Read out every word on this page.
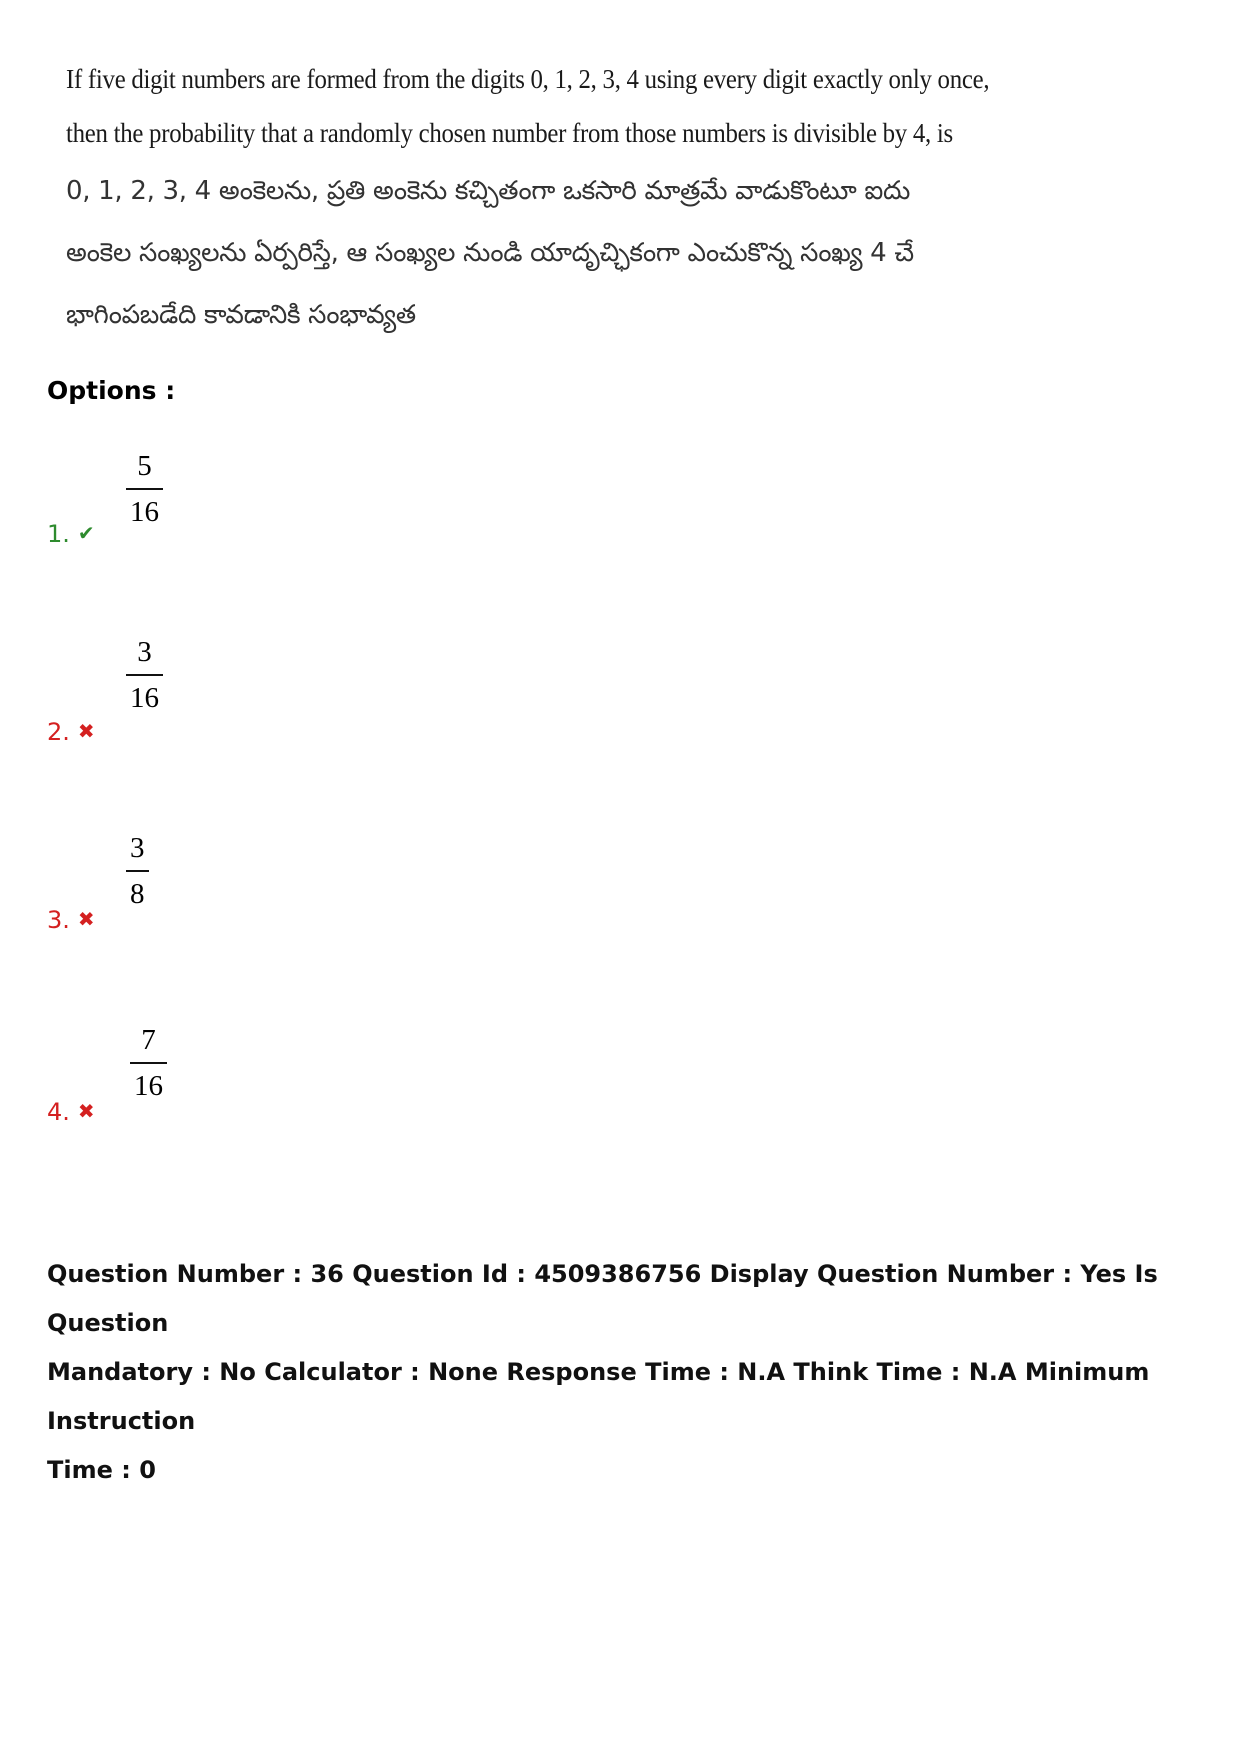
If five digit numbers are formed from the digits 0, 1, 2, 3, 4 using every digit exactly only once,
then the probability that a randomly chosen number from those numbers is divisible by 4, is
0, 1, 2, 3, 4 అంకెలను, ప్రతి అంకెను కచ్చితంగా ఒకసారి మాత్రమే వాడుకొంటూ ఐదు
అంకెల సంఖ్యలను ఏర్పరిస్తే, ఆ సంఖ్యల నుండి యాదృచ్ఛికంగా ఎంచుకొన్న సంఖ్య 4 చే
భాగింపబడేది కావడానికి సంభావ్యత
Options :
1. ✔
5
16
2. ✖
3
16
3. ✖
3
8
4. ✖
7
16
Question Number : 36 Question Id : 4509386756 Display Question Number : Yes Is Question
Mandatory : No Calculator : None Response Time : N.A Think Time : N.A Minimum Instruction
Time : 0
